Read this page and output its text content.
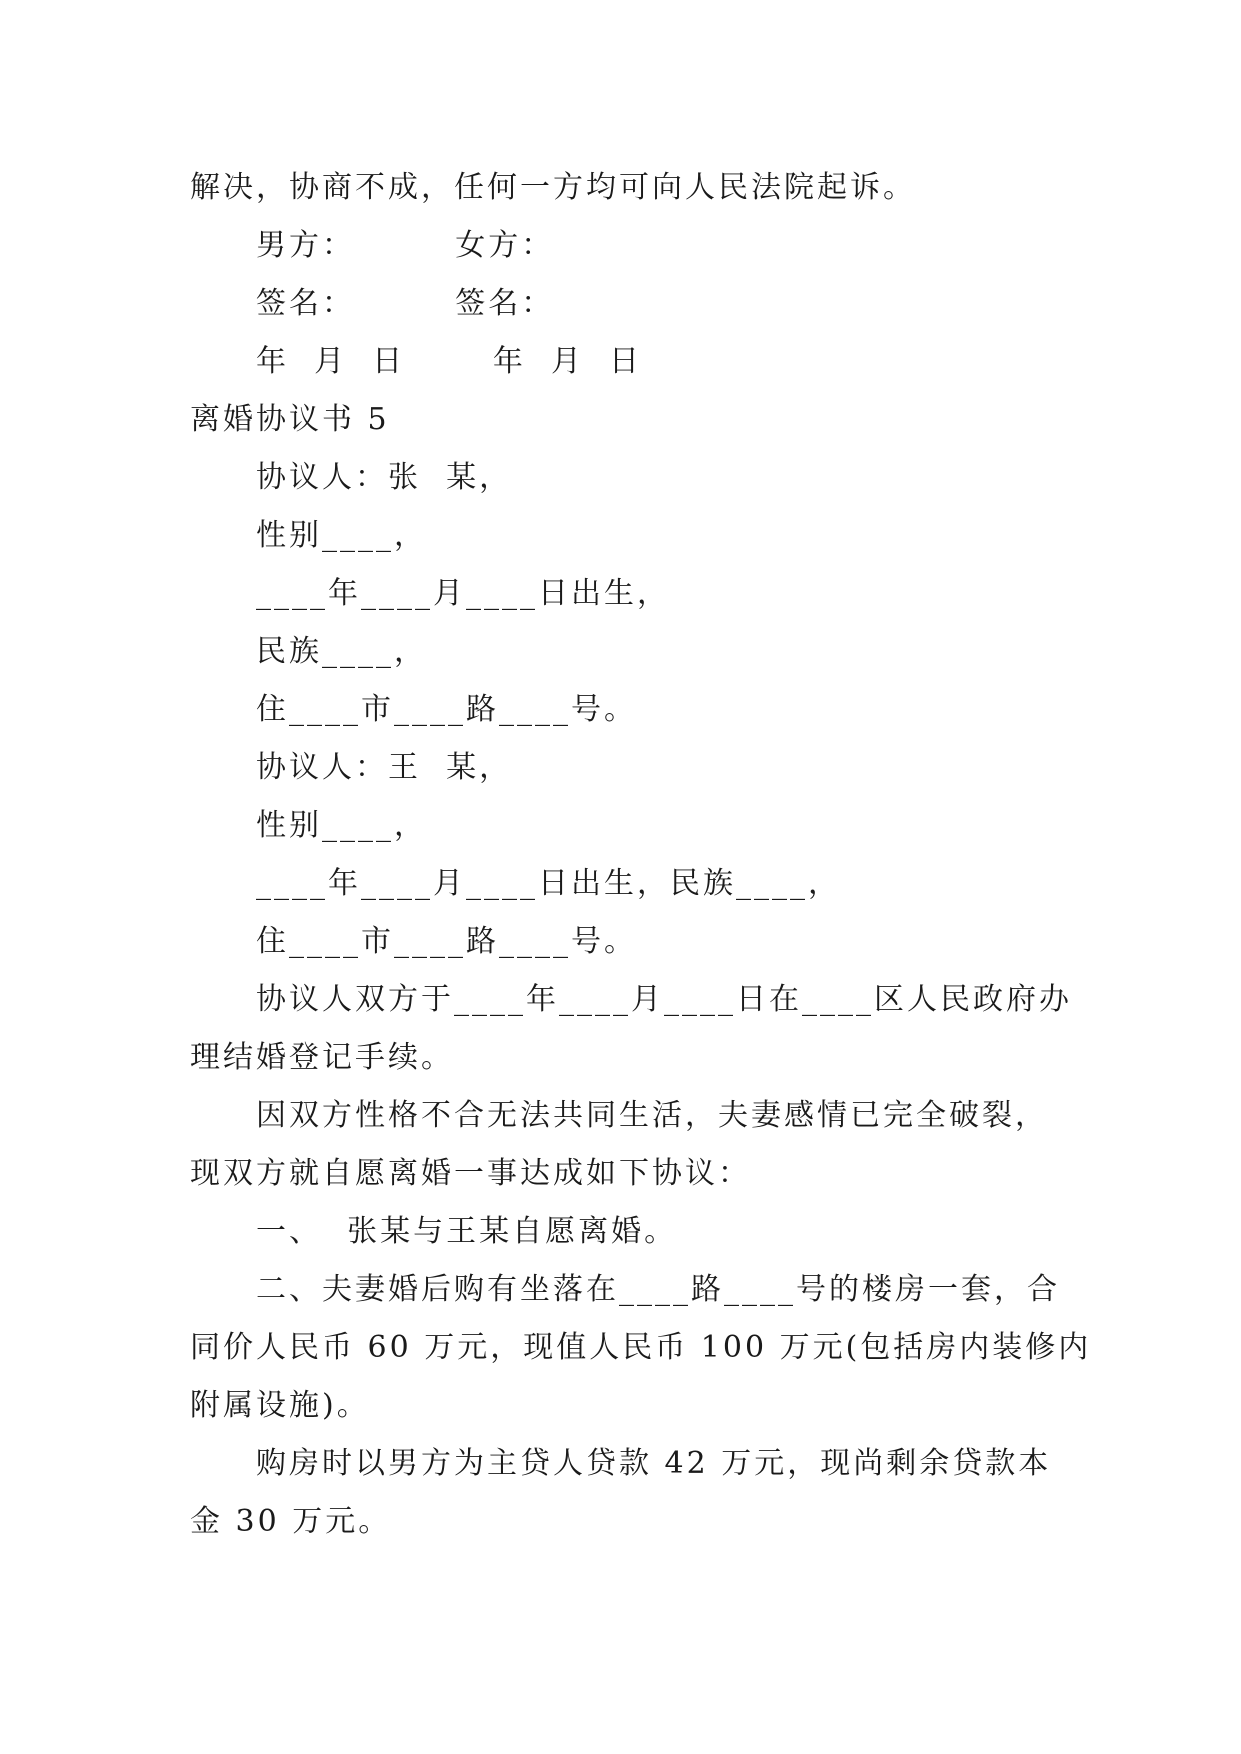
解决，协商不成，任何一方均可向人民法院起诉。
男方：        女方：
签名：        签名：
年  月  日       年  月  日
离婚协议书 5
协议人：张  某，
性别____，
____年____月____日出生，
民族____，
住____市____路____号。
协议人：王  某，
性别____，
____年____月____日出生，民族____，
住____市____路____号。
协议人双方于____年____月____日在____区人民政府办
理结婚登记手续。
因双方性格不合无法共同生活，夫妻感情已完全破裂，
现双方就自愿离婚一事达成如下协议：
一、  张某与王某自愿离婚。
二、夫妻婚后购有坐落在____路____号的楼房一套，合
同价人民币 60 万元，现值人民币 100 万元(包括房内装修内
附属设施)。
购房时以男方为主贷人贷款 42 万元，现尚剩余贷款本
金 30 万元。
